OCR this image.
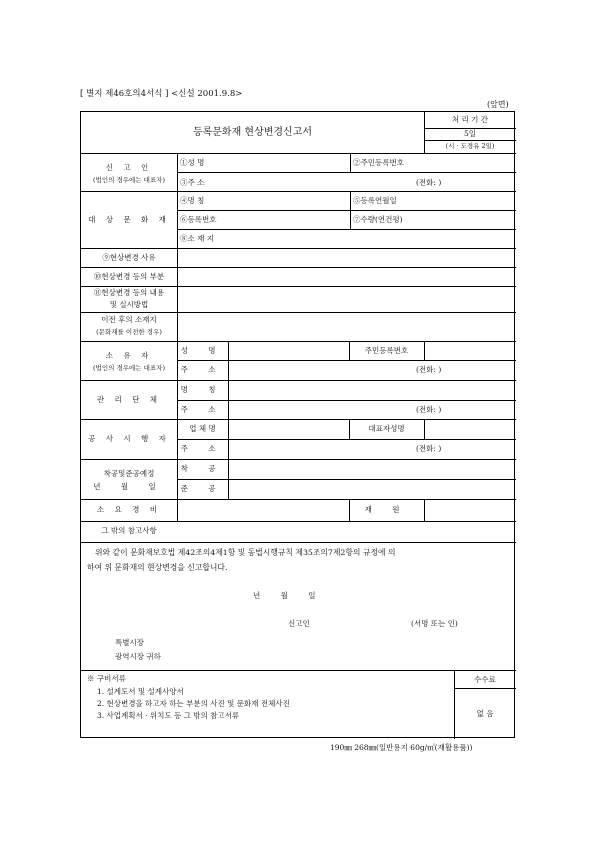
[ 별지 제46호의4서식 ] <신설 2001.9.8>
(앞면)
등록문화재 현상변경신고서
처 리 기 간
5일
(시 · 도경유 2일)
신 고 인
(법인의 경우에는 대표자)
①성 명	②주민등록번호
③주 소	(전화: )
대 상 문 화 재
④명 칭	⑤등록연월일
⑥등록번호	⑦수량(연건평)
⑧소 재 지
⑨현상변경 사유
⑩현상변경 등의 부분
⑪현상변경 등의 내용
및 실시방법
이전 후의 소재지
(문화재를 이전한 경우)
소 유 자
(법인의 경우에는 대표자)
성 명	주민등록번호
주 소	(전화: )
관 리 단 체
명 칭
주 소	(전화: )
공 사 시 행 자
업 체 명	대표자성명
주 소	(전화: )
착공및준공예정
년 월 일
착 공
준 공
소 요 경 비	재 원
그 밖의 참고사항
위와 같이 문화재보호법 제42조의4제1항 및 동법시행규칙 제35조의7제2항의 규정에 의
하여 위 문화재의 현상변경을 신고합니다.
년 월 일
신고인	(서명 또는 인)
특별시장
광역시장 귀하
※ 구비서류
1. 설계도서 및 설계사양서
2. 현상변경을 하고자 하는 부분의 사진 및 문화재 전체사진
3. 사업계획서 · 위치도 등 그 밖의 참고서류
수수료
없 음
190㎜ 268㎜(일반용지 60g/㎡(재활용품))
